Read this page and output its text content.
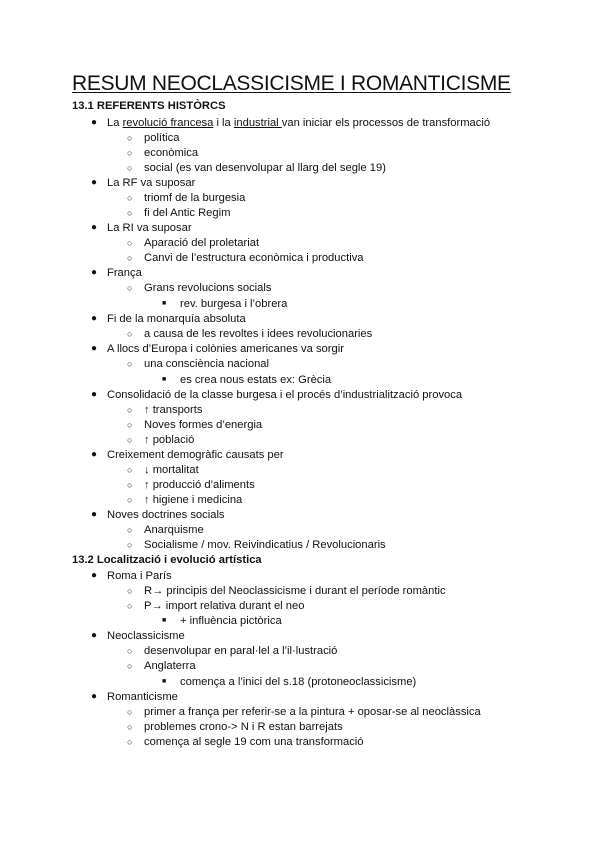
RESUM NEOCLASSICISME I ROMANTICISME
13.1 REFERENTS HISTÒRCS
● La revolució francesa i la industrial van iniciar els processos de transformació
○ política
○ econòmica
○ social (es van desenvolupar al llarg del segle 19)
● La RF va suposar
○ triomf de la burgesia
○ fi del Antic Regim
● La RI va suposar
○ Aparació del proletariat
○ Canvi de l’estructura econòmica i productiva
● França
○ Grans revolucions socials
■ rev. burgesa i l’obrera
● Fi de la monarquía absoluta
○ a causa de les revoltes i idees revolucionaries
● A llocs d’Europa i colònies americanes va sorgir
○ una consciència nacional
■ es crea nous estats ex: Grècia
● Consolidació de la classe burgesa i el procés d’industrialització provoca
○ ↑ transports
○ Noves formes d’energia
○ ↑ població
● Creixement demogràfic causats per
○ ↓ mortalitat
○ ↑ producció d’aliments
○ ↑ higiene i medicina
● Noves doctrines socials
○ Anarquisme
○ Socialisme / mov. Reivindicatius / Revolucionaris
13.2 Localització i evolució artística
● Roma i París
○ R→ principis del Neoclassicisme i durant el període romàntic
○ P→ import relativa durant el neo
■ + influència pictòrica
● Neoclassicisme
○ desenvolupar en paral·lel a l’il·lustració
○ Anglaterra
■ comença a l’inici del s.18 (protoneoclassicisme)
● Romanticisme
○ primer a frança per referir-se a la pintura + oposar-se al neoclàssica
○ problemes crono-> N i R estan barrejats
○ comença al segle 19 com una transformació
